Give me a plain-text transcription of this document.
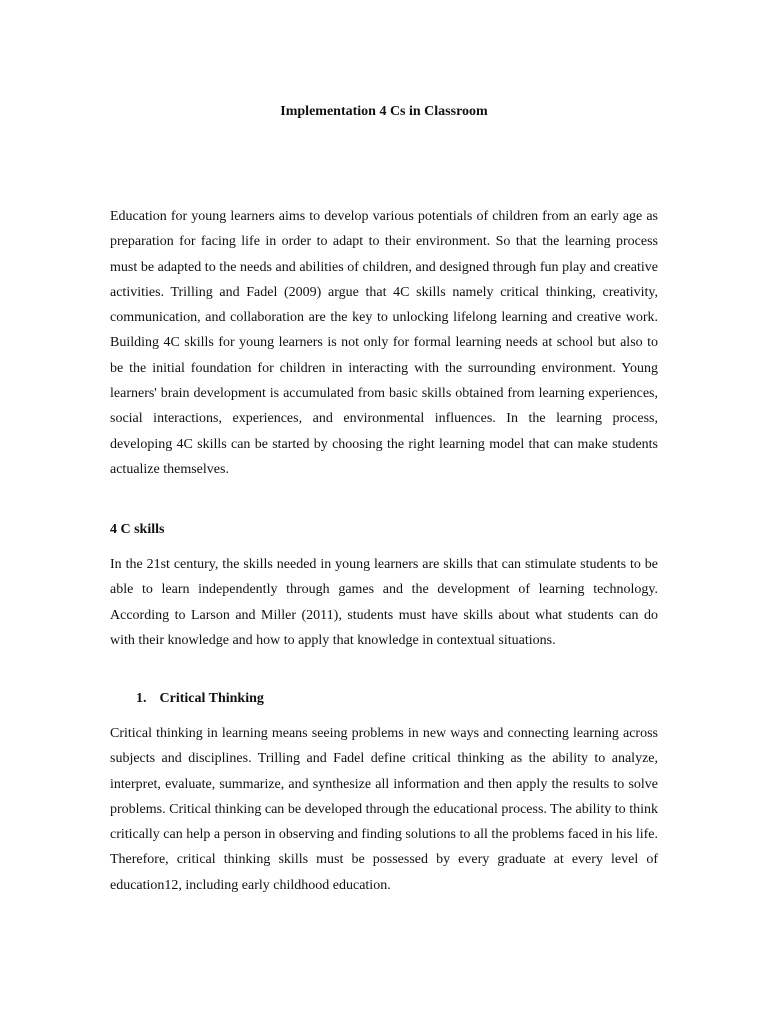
Implementation 4 Cs in Classroom

Education for young learners aims to develop various potentials of children from an early age as preparation for facing life in order to adapt to their environment. So that the learning process must be adapted to the needs and abilities of children, and designed through fun play and creative activities. Trilling and Fadel (2009) argue that 4C skills namely critical thinking, creativity, communication, and collaboration are the key to unlocking lifelong learning and creative work. Building 4C skills for young learners is not only for formal learning needs at school but also to be the initial foundation for children in interacting with the surrounding environment. Young learners' brain development is accumulated from basic skills obtained from learning experiences, social interactions, experiences, and environmental influences. In the learning process, developing 4C skills can be started by choosing the right learning model that can make students actualize themselves.

4 C skills

In the 21st century, the skills needed in young learners are skills that can stimulate students to be able to learn independently through games and the development of learning technology. According to Larson and Miller (2011), students must have skills about what students can do with their knowledge and how to apply that knowledge in contextual situations.

1. Critical Thinking

Critical thinking in learning means seeing problems in new ways and connecting learning across subjects and disciplines. Trilling and Fadel define critical thinking as the ability to analyze, interpret, evaluate, summarize, and synthesize all information and then apply the results to solve problems. Critical thinking can be developed through the educational process. The ability to think critically can help a person in observing and finding solutions to all the problems faced in his life. Therefore, critical thinking skills must be possessed by every graduate at every level of education12, including early childhood education.
